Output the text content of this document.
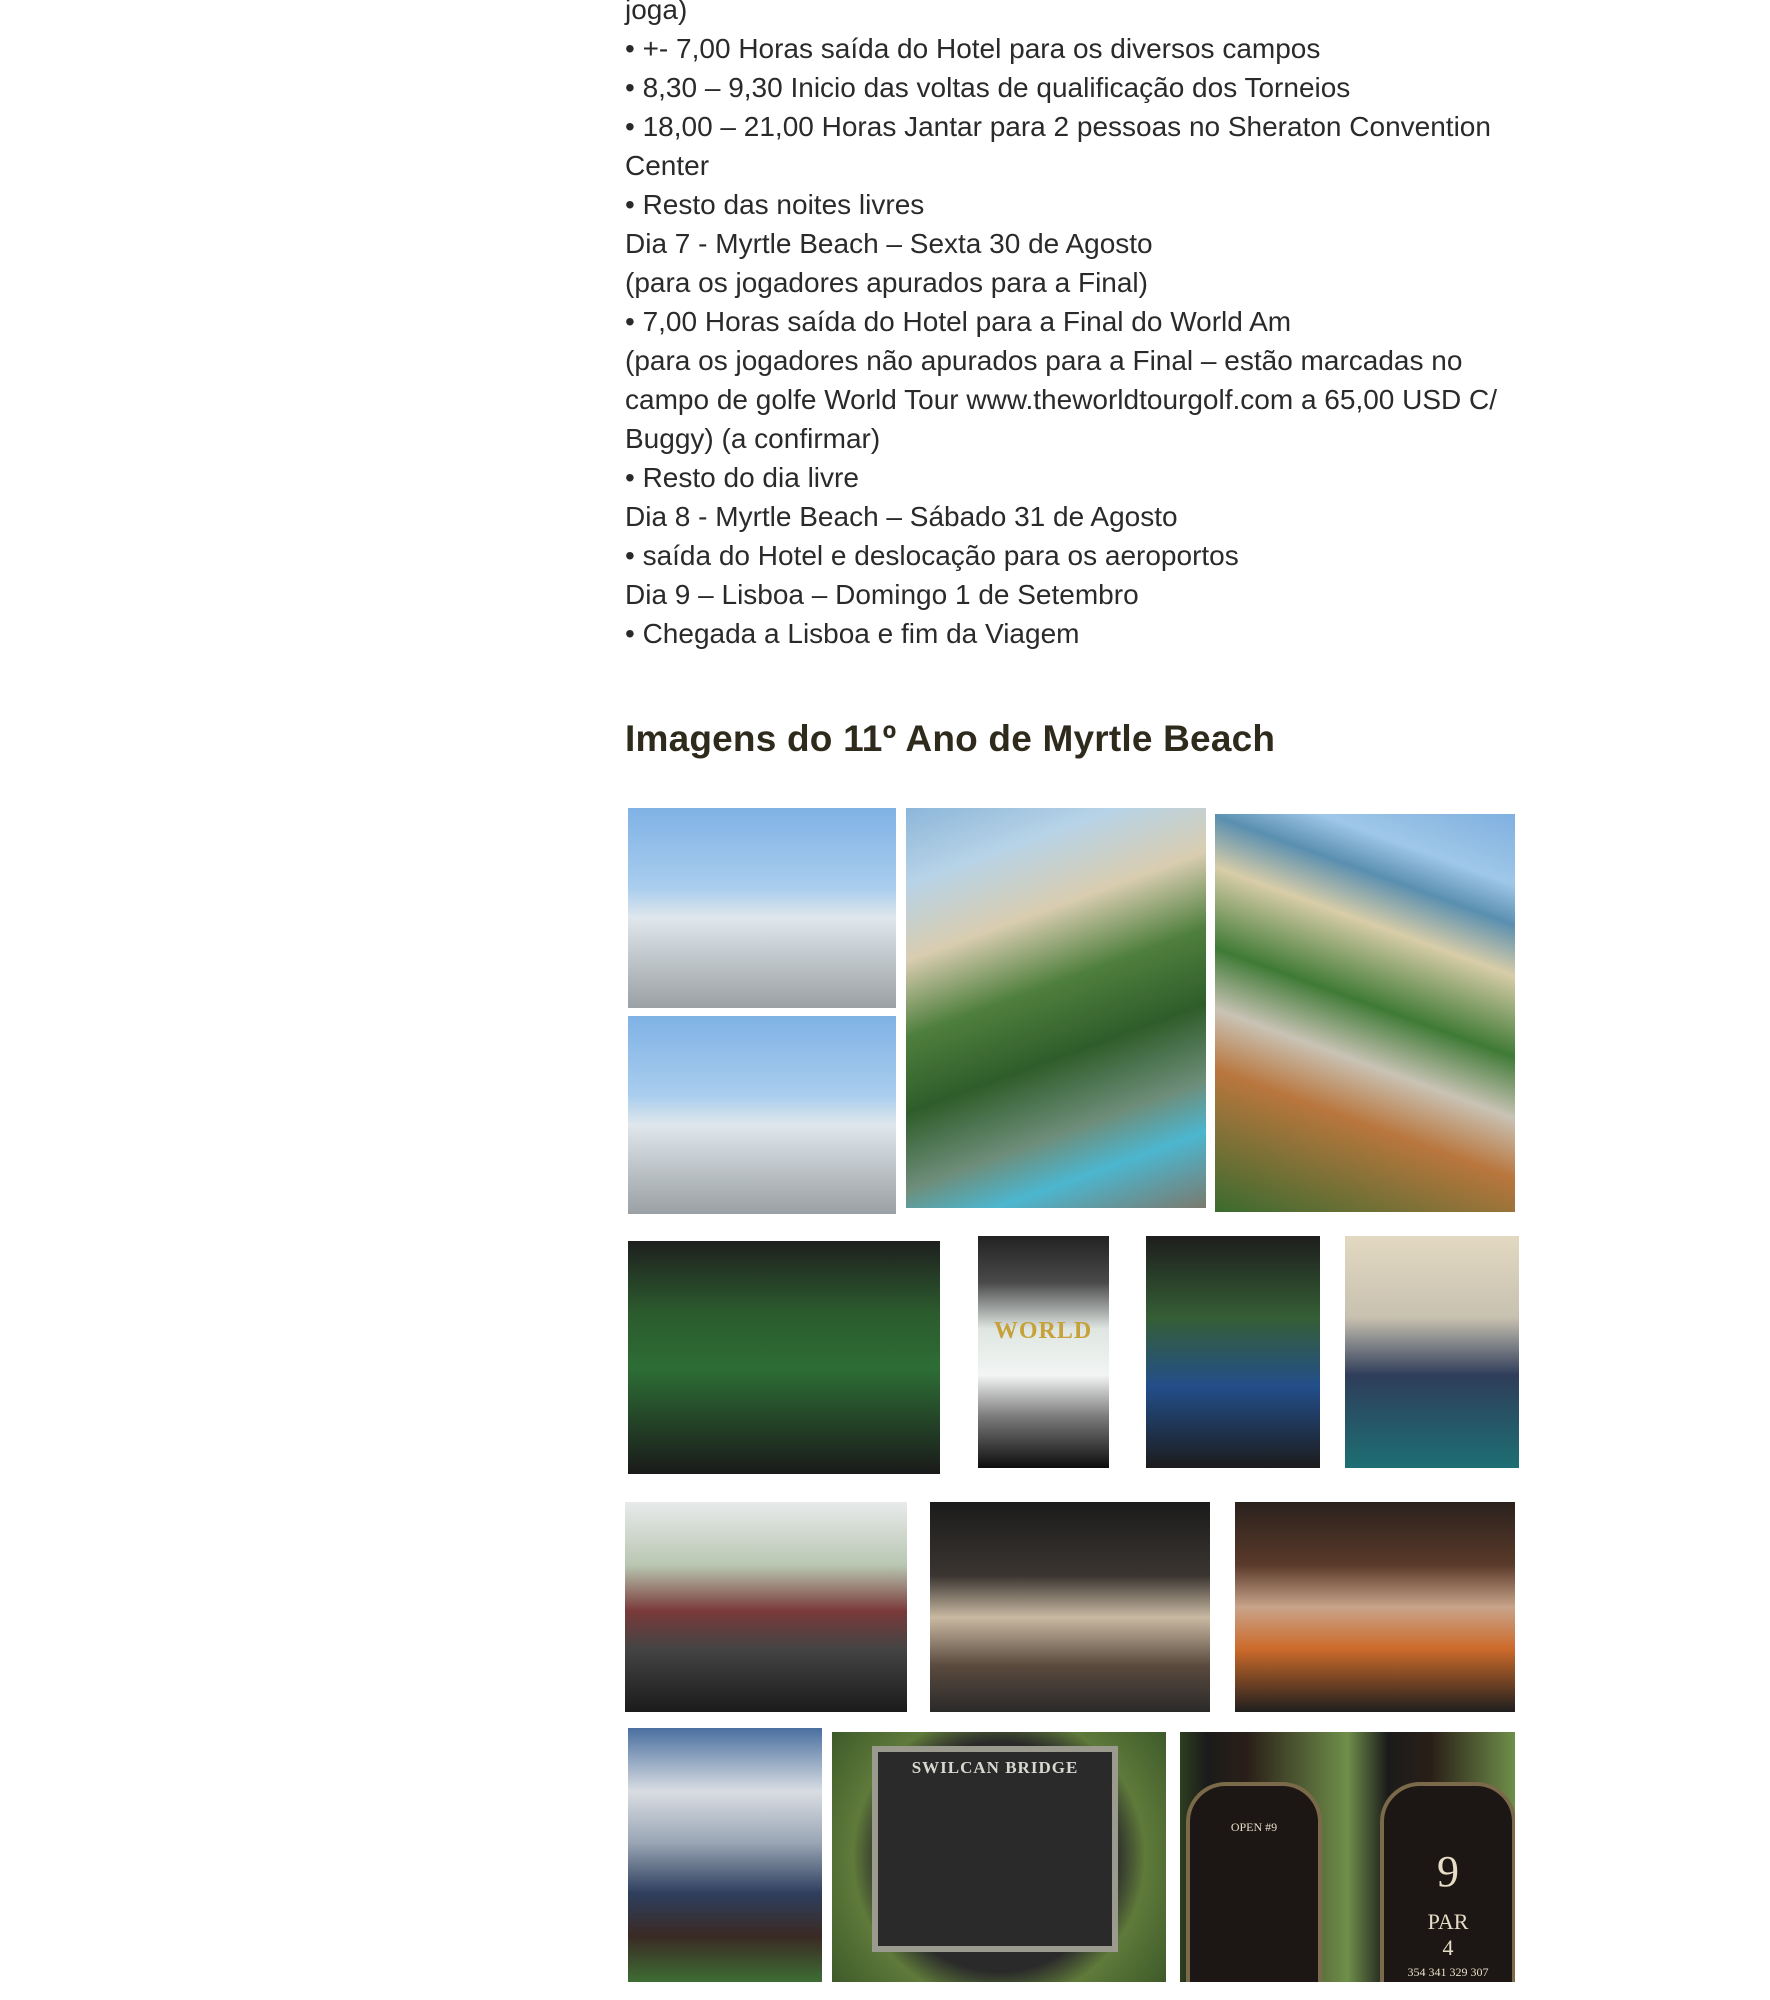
joga)
• +- 7,00 Horas saída do Hotel para os diversos campos
• 8,30 – 9,30 Inicio das voltas de qualificação dos Torneios
• 18,00 – 21,00 Horas Jantar para 2 pessoas no Sheraton Convention
Center
• Resto das noites livres
Dia 7 - Myrtle Beach – Sexta 30 de Agosto
(para os jogadores apurados para a Final)
• 7,00 Horas saída do Hotel para a Final do World Am
(para os jogadores não apurados para a Final – estão marcadas no
campo de golfe World Tour www.theworldtourgolf.com a 65,00 USD C/
Buggy) (a confirmar)
• Resto do dia livre
Dia 8 - Myrtle Beach – Sábado 31 de Agosto
• saída do Hotel e deslocação para os aeroportos
Dia 9 – Lisboa – Domingo 1 de Setembro
• Chegada a Lisboa e fim da Viagem
Imagens do 11º Ano de Myrtle Beach
WORLD
SWILCAN BRIDGE
OPEN #9
9
PAR
4
354 341 329 307
